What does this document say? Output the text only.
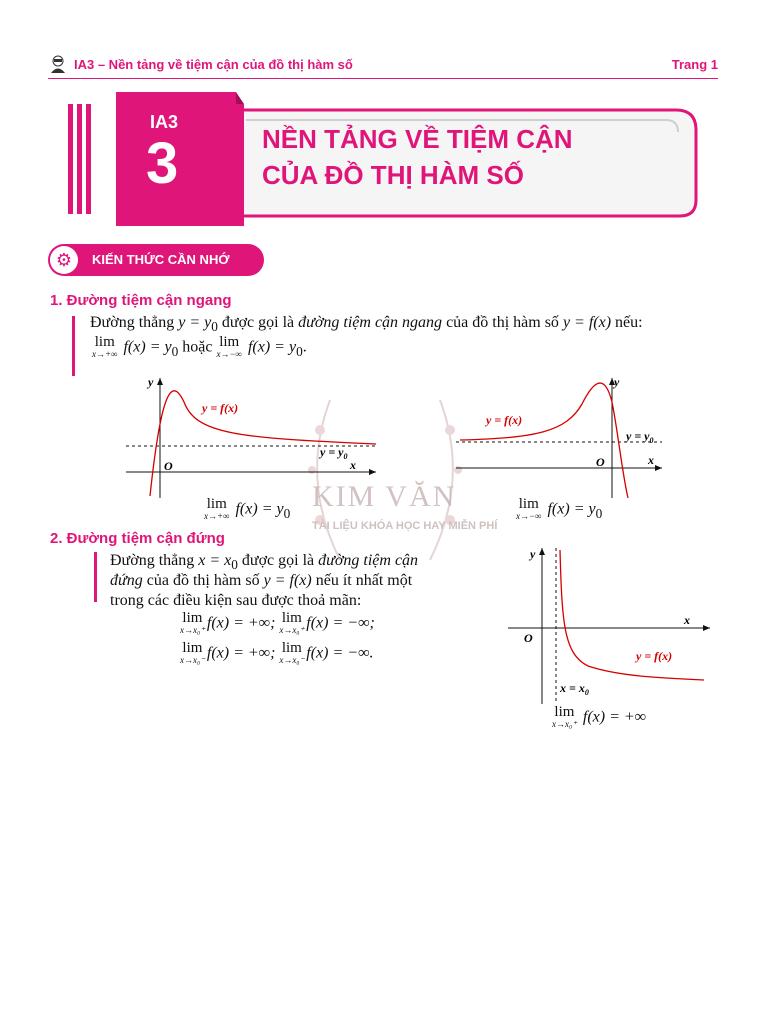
IA3 – Nền tảng về tiệm cận của đồ thị hàm số	Trang 1
IA3
3	NỀN TẢNG VỀ TIỆM CẬN
CỦA ĐỒ THỊ HÀM SỐ
⚙	KIẾN THỨC CẦN NHỚ
KIM VĂN
TÀI LIỆU KHÓA HỌC HAY MIỄN PHÍ
1. Đường tiệm cận ngang
Đường thẳng $y = y_0$ được gọi là đường tiệm cận ngang của đồ thị hàm số y = f(x) nếu:
lim
x→+∞ $f(x) = y_0$ hoặc lim
x→−∞ $f(x) = y_0$.
y
x
O
y = f(x)
$y = y_0$
lim
x→+∞ $f(x) = y_0$
y
x
O
y = f(x)
$y = y_0$
lim
x→−∞ $f(x) = y_0$
2. Đường tiệm cận đứng
Đường thẳng $x = x_0$ được gọi là đường tiệm cận
đứng của đồ thị hàm số y = f(x) nếu ít nhất một
trong các điều kiện sau được thoả mãn:
lim
x→x₀⁺ f(x) = +∞; lim
x→x₀⁺ f(x) = −∞;
lim
x→x₀⁻ f(x) = +∞; lim
x→x₀⁻ f(x) = −∞.
y
x
O
y = f(x)
$x = x_0$
lim
x→x₀⁺ f(x) = +∞
